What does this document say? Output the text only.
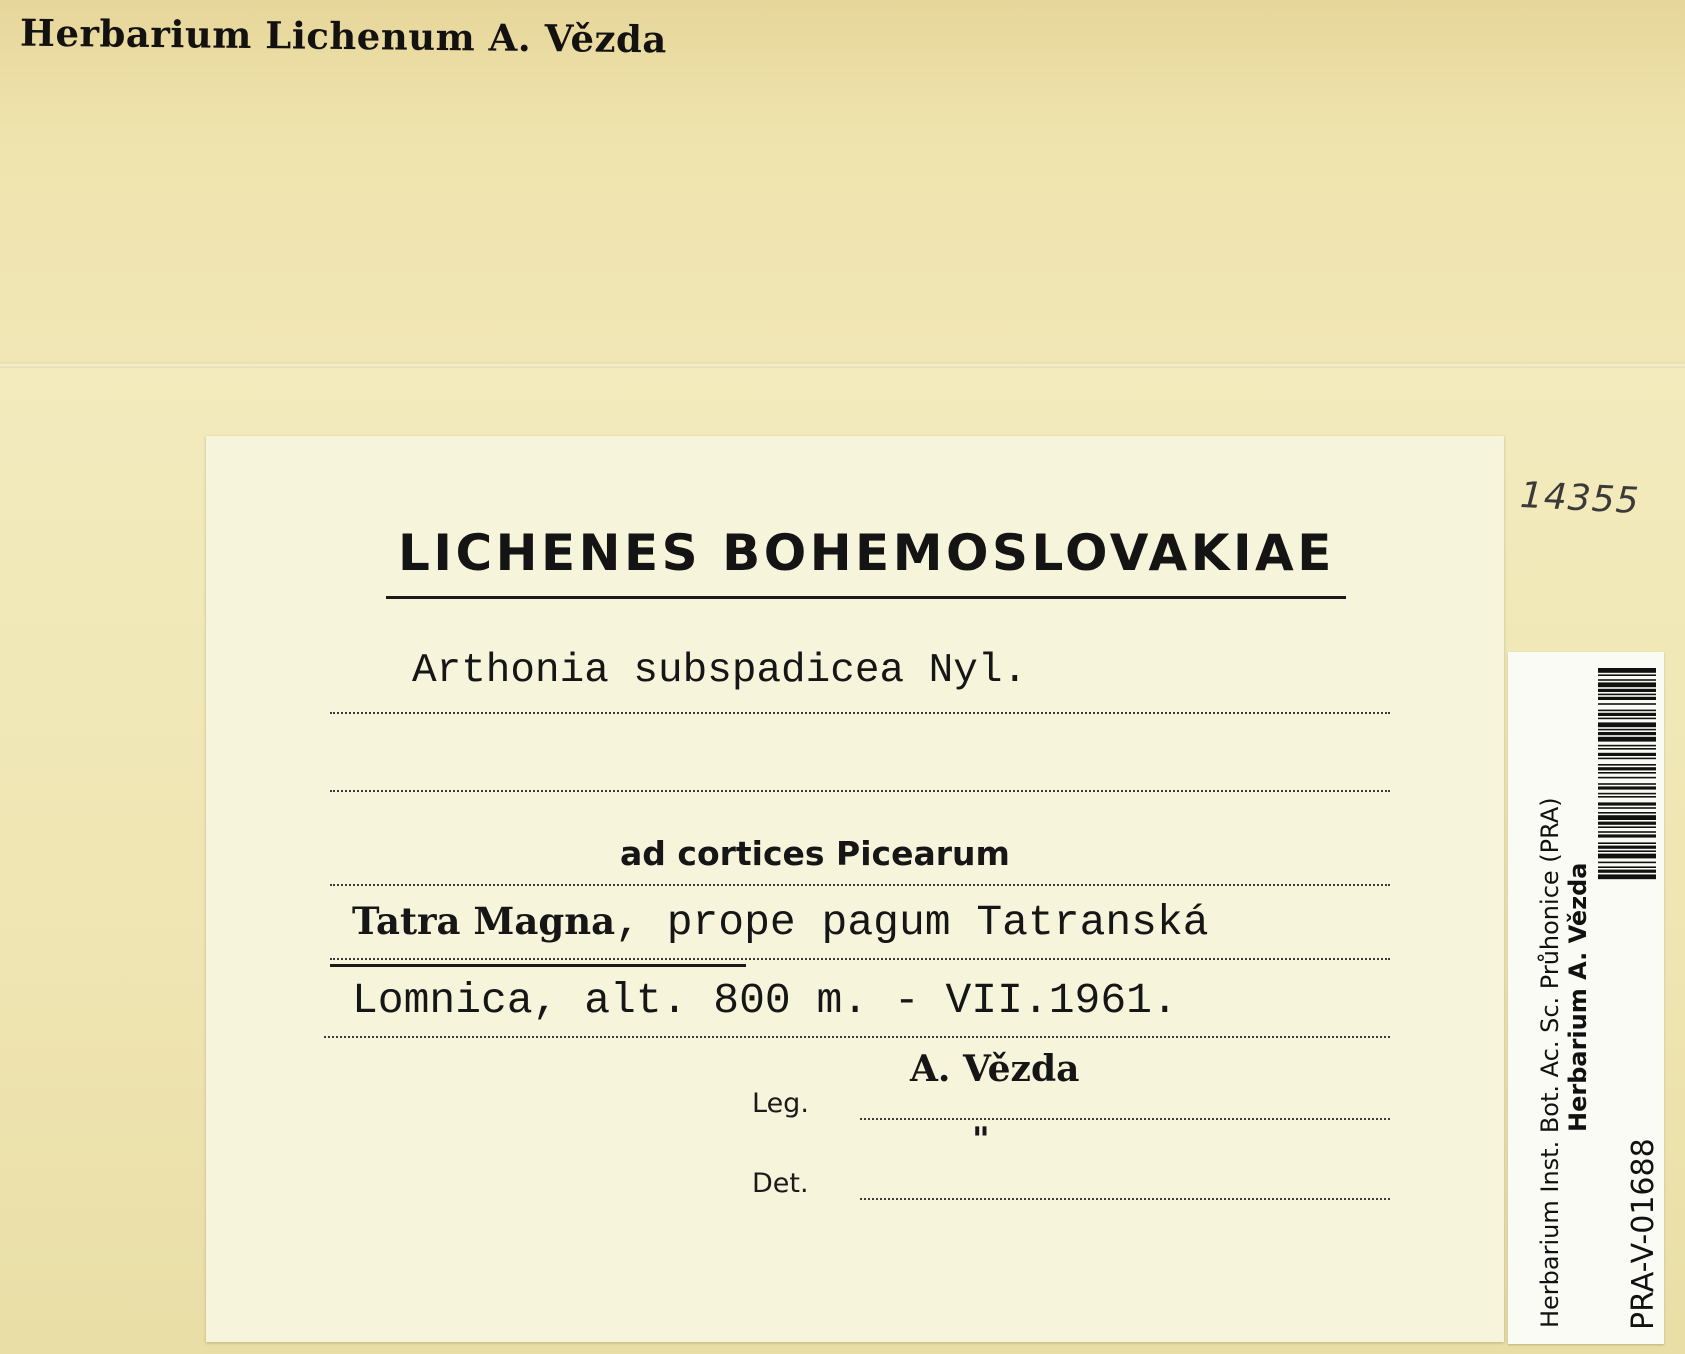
Herbarium Lichenum A. Vězda
14355
LICHENES BOHEMOSLOVAKIAE
Arthonia subspadicea Nyl.
ad cortices Picearum
Tatra Magna, propе pagum Tatranská
Lomnica, alt. 800 m. - VII.1961.
A. Vězda
Leg.
"
Det.	Herbarium Inst. Bot. Ac. Sc. Průhonice (PRA) Herbarium A. Vězda
PRA-V-01688
